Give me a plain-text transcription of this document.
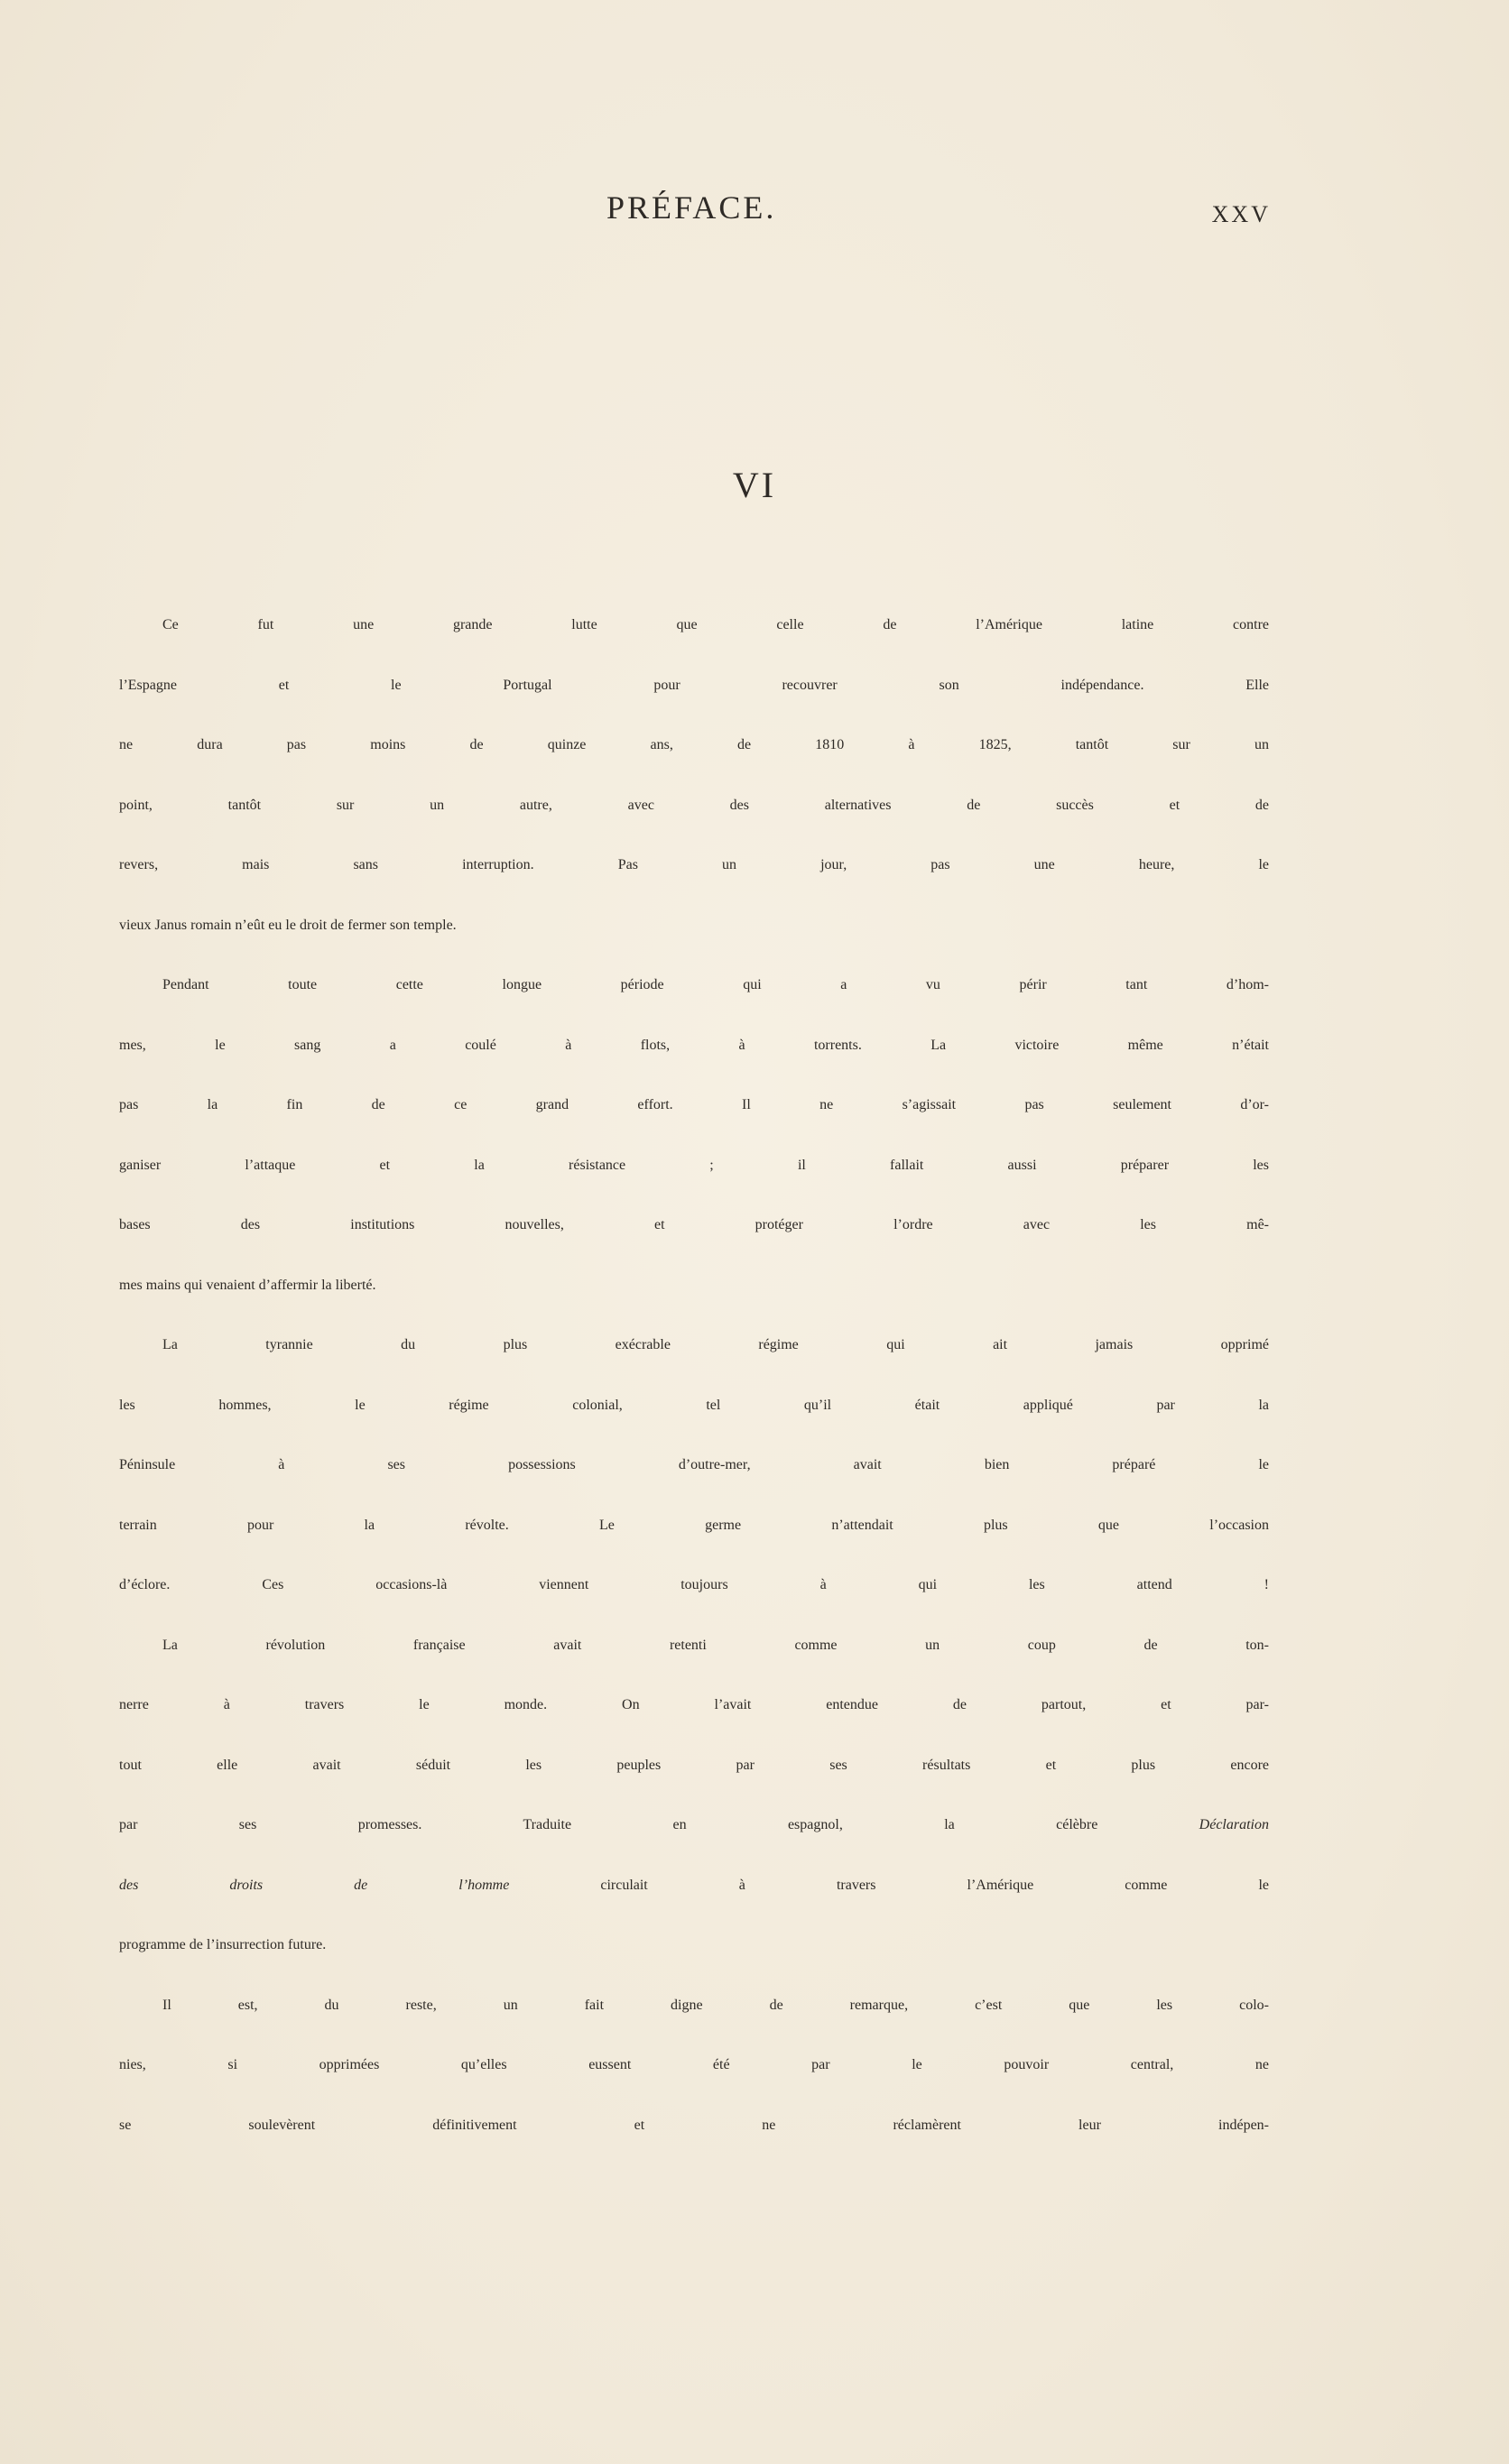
PRÉFACE.	XXV
VI
Ce fut une grande lutte que celle de l’Amérique latine contre
l’Espagne et le Portugal pour recouvrer son indépendance. Elle
ne dura pas moins de quinze ans, de 1810 à 1825, tantôt sur un
point, tantôt sur un autre, avec des alternatives de succès et de
revers, mais sans interruption. Pas un jour, pas une heure, le
vieux Janus romain n’eût eu le droit de fermer son temple.
Pendant toute cette longue période qui a vu périr tant d’hom-
mes, le sang a coulé à flots, à torrents. La victoire même n’était
pas la fin de ce grand effort. Il ne s’agissait pas seulement d’or-
ganiser l’attaque et la résistance ; il fallait aussi préparer les
bases des institutions nouvelles, et protéger l’ordre avec les mê-
mes mains qui venaient d’affermir la liberté.
La tyrannie du plus exécrable régime qui ait jamais opprimé
les hommes, le régime colonial, tel qu’il était appliqué par la
Péninsule à ses possessions d’outre-mer, avait bien préparé le
terrain pour la révolte. Le germe n’attendait plus que l’occasion
d’éclore. Ces occasions-là viennent toujours à qui les attend !
La révolution française avait retenti comme un coup de ton-
nerre à travers le monde. On l’avait entendue de partout, et par-
tout elle avait séduit les peuples par ses résultats et plus encore
par ses promesses. Traduite en espagnol, la célèbre Déclaration
des droits de l’homme circulait à travers l’Amérique comme le
programme de l’insurrection future.
Il est, du reste, un fait digne de remarque, c’est que les colo-
nies, si opprimées qu’elles eussent été par le pouvoir central, ne
se soulevèrent définitivement et ne réclamèrent leur indépen-
